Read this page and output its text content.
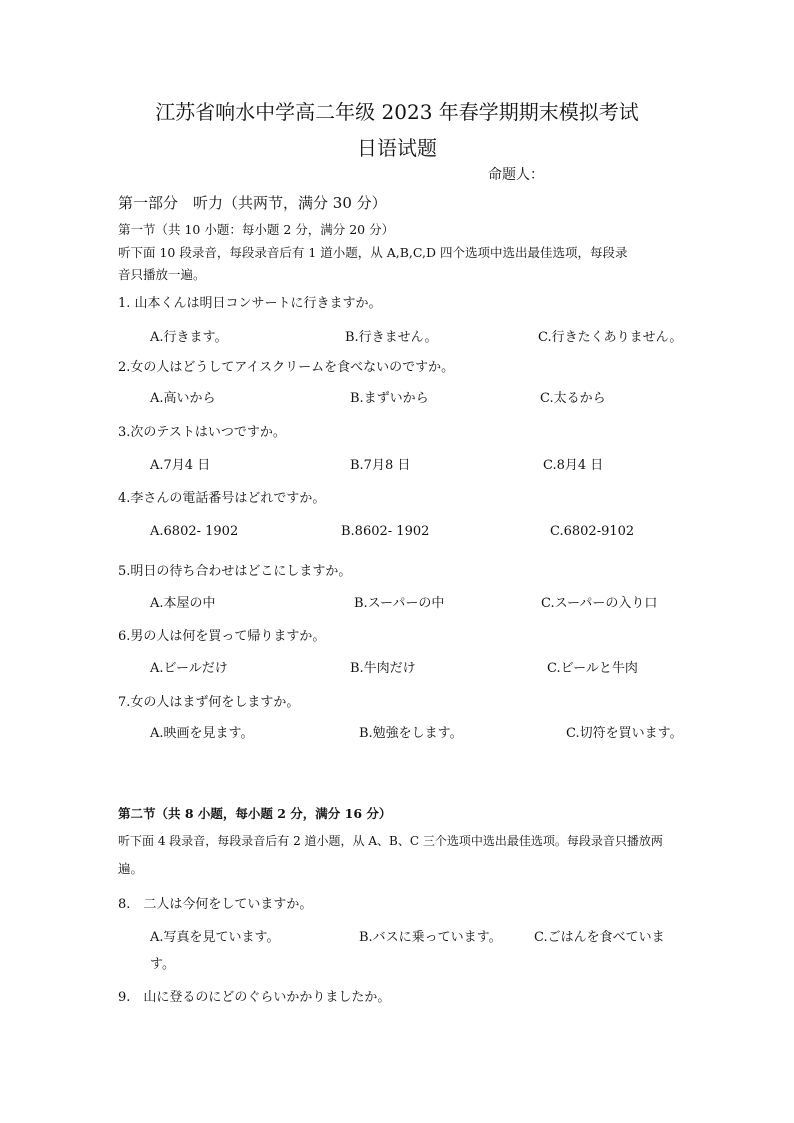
江苏省响水中学高二年级 2023 年春学期期末模拟考试
日语试题
命题人：
第一部分　听力（共两节，满分 30 分）
第一节（共 10 小题：每小题 2 分，满分 20 分）
听下面 10 段录音，每段录音后有 1 道小题，从 A,B,C,D 四个选项中选出最佳选项，每段录
音只播放一遍。
1. 山本くんは明日コンサートに行きますか。
A.行きます。	B.行きません。	C.行きたくありません。
2.女の人はどうしてアイスクリームを食べないのですか。
A.高いから	B.まずいから	C.太るから
3.次のテストはいつですか。
A.7月4 日	B.7月8 日	C.8月4 日
4.李さんの電話番号はどれですか。
A.6802- 1902	B.8602- 1902	C.6802-9102
5.明日の待ち合わせはどこにしますか。
A.本屋の中	B.スーパーの中	C.スーパーの入り口
6.男の人は何を買って帰りますか。
A.ビールだけ	B.牛肉だけ	C.ビールと牛肉
7.女の人はまず何をしますか。
A.映画を見ます。	B.勉強をします。	C.切符を買います。
第二节（共 8 小题，每小题 2 分，满分 16 分）
听下面 4 段录音，每段录音后有 2 道小题，从 A、B、C 三个选项中选出最佳选项。每段录音只播放两
遍。
8.　二人は今何をしていますか。
A.写真を見ています。	B.バスに乗っています。 C.ごはんを食べていま
す。
9.　山に登るのにどのぐらいかかりましたか。
